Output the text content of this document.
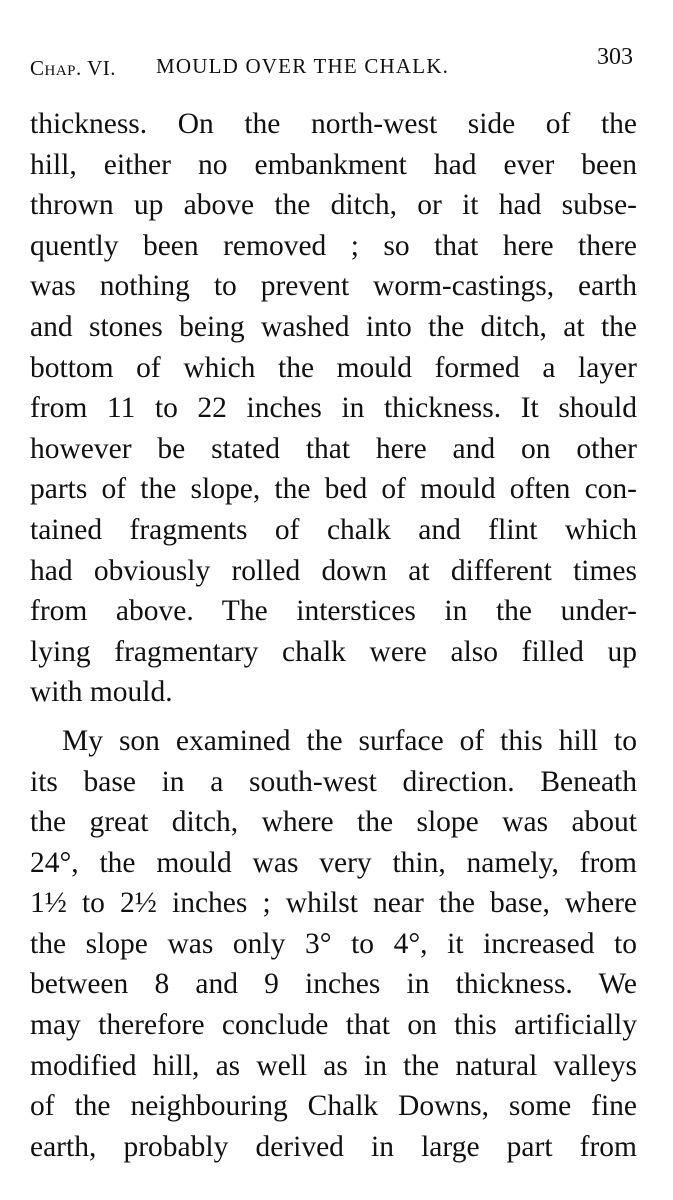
Chap. VI. MOULD OVER THE CHALK.	303
thickness. On the north-west side of the
hill, either no embankment had ever been
thrown up above the ditch, or it had subse-
quently been removed ; so that here there
was nothing to prevent worm-castings, earth
and stones being washed into the ditch, at the
bottom of which the mould formed a layer
from 11 to 22 inches in thickness. It should
however be stated that here and on other
parts of the slope, the bed of mould often con-
tained fragments of chalk and flint which
had obviously rolled down at different times
from above. The interstices in the under-
lying fragmentary chalk were also filled up
with mould.
My son examined the surface of this hill to
its base in a south-west direction. Beneath
the great ditch, where the slope was about
24°, the mould was very thin, namely, from
1½ to 2½ inches ; whilst near the base, where
the slope was only 3° to 4°, it increased to
between 8 and 9 inches in thickness. We
may therefore conclude that on this artificially
modified hill, as well as in the natural valleys
of the neighbouring Chalk Downs, some fine
earth, probably derived in large part from
